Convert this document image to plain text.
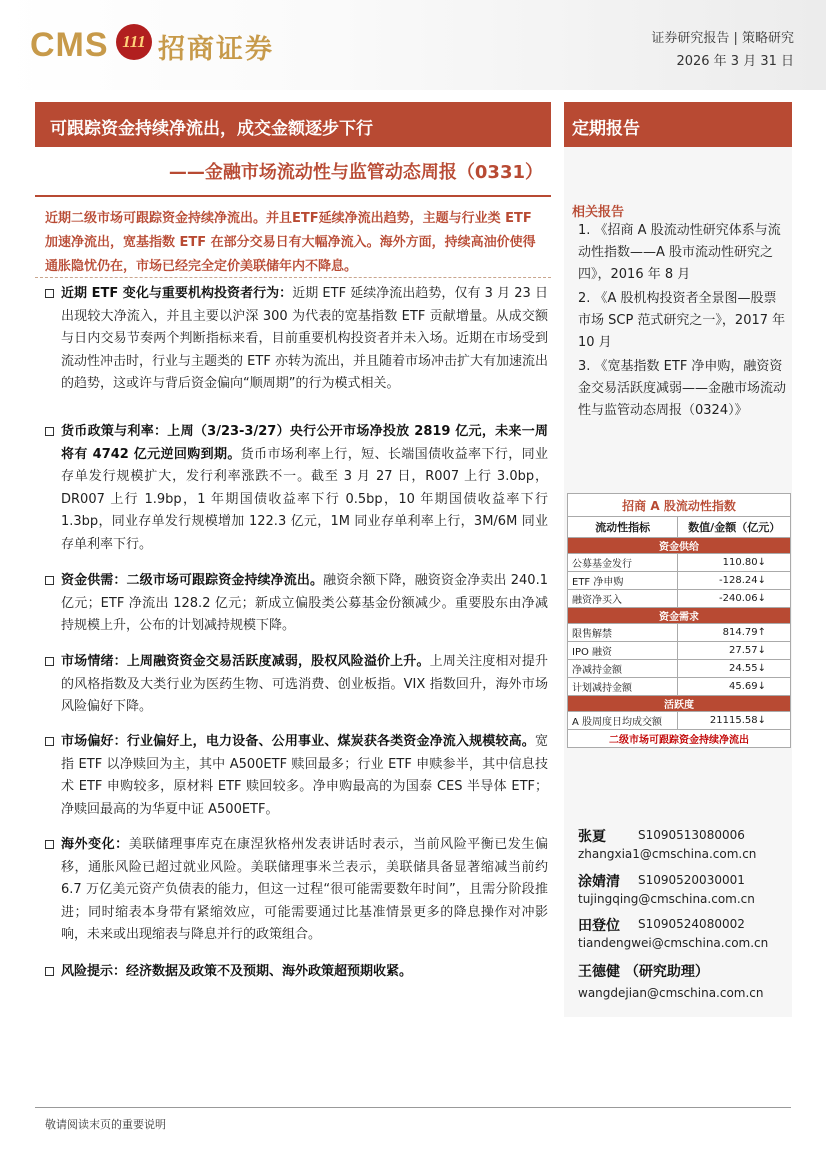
CMS 111 招商证券	证券研究报告 | 策略研究
2026 年 3 月 31 日
可跟踪资金持续净流出，成交金额逐步下行
——金融市场流动性与监管动态周报（0331）
定期报告
近期二级市场可跟踪资金持续净流出。并且ETF延续净流出趋势，主题与行业类 ETF 加速净流出，宽基指数 ETF 在部分交易日有大幅净流入。海外方面，持续高油价使得通胀隐忧仍在，市场已经完全定价美联储年内不降息。
近期 ETF 变化与重要机构投资者行为：近期 ETF 延续净流出趋势，仅有 3 月 23 日出现较大净流入，并且主要以沪深 300 为代表的宽基指数 ETF 贡献增量。从成交额与日内交易节奏两个判断指标来看，目前重要机构投资者并未入场。近期在市场受到流动性冲击时，行业与主题类的 ETF 亦转为流出，并且随着市场冲击扩大有加速流出的趋势，这或许与背后资金偏向“顺周期”的行为模式相关。
货币政策与利率：上周（3/23-3/27）央行公开市场净投放 2819 亿元，未来一周将有 4742 亿元逆回购到期。货币市场利率上行，短、长端国债收益率下行，同业存单发行规模扩大，发行利率涨跌不一。截至 3 月 27 日，R007 上行 3.0bp，DR007 上行 1.9bp，1 年期国债收益率下行 0.5bp，10 年期国债收益率下行 1.3bp，同业存单发行规模增加 122.3 亿元，1M 同业存单利率上行，3M/6M 同业存单利率下行。
资金供需：二级市场可跟踪资金持续净流出。融资余额下降，融资资金净卖出 240.1 亿元；ETF 净流出 128.2 亿元；新成立偏股类公募基金份额减少。重要股东由净减持规模上升，公布的计划减持规模下降。
市场情绪：上周融资资金交易活跃度减弱，股权风险溢价上升。上周关注度相对提升的风格指数及大类行业为医药生物、可选消费、创业板指。VIX 指数回升，海外市场风险偏好下降。
市场偏好：行业偏好上，电力设备、公用事业、煤炭获各类资金净流入规模较高。宽指 ETF 以净赎回为主，其中 A500ETF 赎回最多；行业 ETF 申赎参半，其中信息技术 ETF 申购较多，原材料 ETF 赎回较多。净申购最高的为国泰 CES 半导体 ETF；净赎回最高的为华夏中证 A500ETF。
海外变化：美联储理事库克在康涅狄格州发表讲话时表示，当前风险平衡已发生偏移，通胀风险已超过就业风险。美联储理事米兰表示，美联储具备显著缩减当前约 6.7 万亿美元资产负债表的能力，但这一过程“很可能需要数年时间”，且需分阶段推进；同时缩表本身带有紧缩效应，可能需要通过比基准情景更多的降息操作对冲影响，未来或出现缩表与降息并行的政策组合。
风险提示：经济数据及政策不及预期、海外政策超预期收紧。
相关报告
1. 《招商 A 股流动性研究体系与流动性指数——A 股市流动性研究之四》，2016 年 8 月
2. 《A 股机构投资者全景图—股票市场 SCP 范式研究之一》，2017 年 10 月
3. 《宽基指数 ETF 净申购，融资资金交易活跃度减弱——金融市场流动性与监管动态周报（0324）》
招商 A 股流动性指数	
流动性指标	数值/金额（亿元）
资金供给	
公募基金发行	110.80↓
ETF 净申购	-128.24↓
融资净买入	-240.06↓
资金需求	
限售解禁	814.79↑
IPO 融资	27.57↓
净减持金额	24.55↓
计划减持金额	45.69↓
活跃度	
A 股周度日均成交额	21115.58↓
二级市场可跟踪资金持续净流出	
张夏	S1090513080006
zhangxia1@cmschina.com.cn
涂婧清 S1090520030001
tujingqing@cmschina.com.cn
田登位 S1090524080002
tiandengwei@cmschina.com.cn
王德健 （研究助理）
wangdejian@cmschina.com.cn
敬请阅读末页的重要说明
